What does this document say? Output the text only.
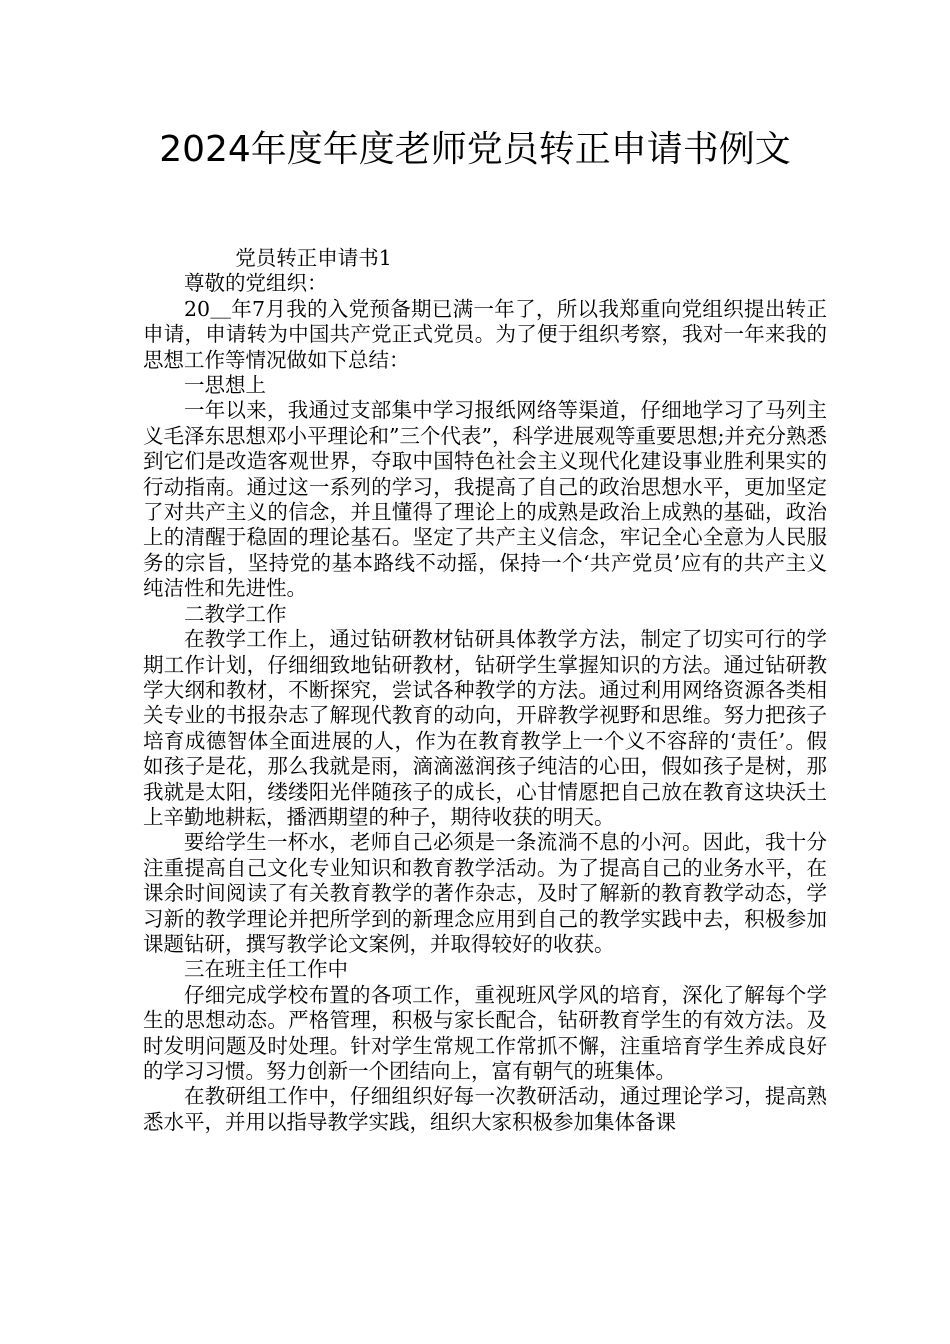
2024年度年度老师党员转正申请书例文

党员转正申请书1

尊敬的党组织：

20＿年7月我的入党预备期已满一年了，所以我郑重向党组织提出转正申请，申请转为中国共产党正式党员。为了便于组织考察，我对一年来我的思想工作等情况做如下总结：

一思想上

一年以来，我通过支部集中学习报纸网络等渠道，仔细地学习了马列主义毛泽东思想邓小平理论和”三个代表”，科学进展观等重要思想;并充分熟悉到它们是改造客观世界，夺取中国特色社会主义现代化建设事业胜利果实的行动指南。通过这一系列的学习，我提高了自己的政治思想水平，更加坚定了对共产主义的信念，并且懂得了理论上的成熟是政治上成熟的基础，政治上的清醒于稳固的理论基石。坚定了共产主义信念，牢记全心全意为人民服务的宗旨，坚持党的基本路线不动摇，保持一个‘共产党员’应有的共产主义纯洁性和先进性。

二教学工作

在教学工作上，通过钻研教材钻研具体教学方法，制定了切实可行的学期工作计划，仔细细致地钻研教材，钻研学生掌握知识的方法。通过钻研教学大纲和教材，不断探究，尝试各种教学的方法。通过利用网络资源各类相关专业的书报杂志了解现代教育的动向，开辟教学视野和思维。努力把孩子培育成德智体全面进展的人，作为在教育教学上一个义不容辞的‘责任’。假如孩子是花，那么我就是雨，滴滴滋润孩子纯洁的心田，假如孩子是树，那我就是太阳，缕缕阳光伴随孩子的成长，心甘情愿把自己放在教育这块沃土上辛勤地耕耘，播洒期望的种子，期待收获的明天。

要给学生一杯水，老师自己必须是一条流淌不息的小河。因此，我十分注重提高自己文化专业知识和教育教学活动。为了提高自己的业务水平，在课余时间阅读了有关教育教学的著作杂志，及时了解新的教育教学动态，学习新的教学理论并把所学到的新理念应用到自己的教学实践中去，积极参加课题钻研，撰写教学论文案例，并取得较好的收获。

三在班主任工作中

仔细完成学校布置的各项工作，重视班风学风的培育，深化了解每个学生的思想动态。严格管理，积极与家长配合，钻研教育学生的有效方法。及时发明问题及时处理。针对学生常规工作常抓不懈，注重培育学生养成良好的学习习惯。努力创新一个团结向上，富有朝气的班集体。

在教研组工作中，仔细组织好每一次教研活动，通过理论学习，提高熟悉水平，并用以指导教学实践，组织大家积极参加集体备课
